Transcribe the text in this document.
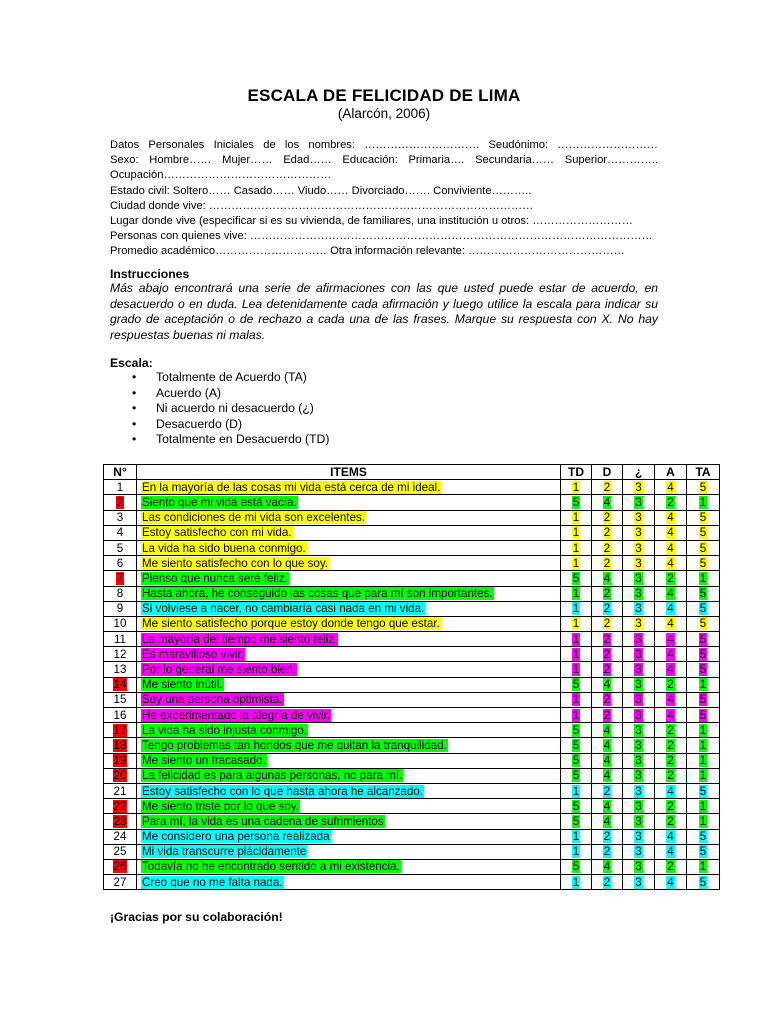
ESCALA DE FELICIDAD DE LIMA
(Alarcón, 2006)
Datos Personales Iniciales de los nombres: …………………………. Seudónimo: ………………………
Sexo: Hombre…… Mujer…… Edad…… Educación: Primaria…. Secundaria…… Superior…………..
Ocupación………………………………………
Estado civil: Soltero…… Casado…… Viudo…… Divorciado……. Conviviente………..
Ciudad donde vive: ……………………………………………………………………………
Lugar donde vive (especificar si es su vivienda, de familiares, una institución u otros: ………………………
Personas con quienes vive: ………………………………………………………………………………………………
Promedio académico………………………… Otra información relevante: ……………………………………
Instrucciones
Más abajo encontrará una serie de afirmaciones con las que usted puede estar de acuerdo, en desacuerdo o en duda. Lea detenidamente cada afirmación y luego utilice la escala para indicar su grado de aceptación o de rechazo a cada una de las frases. Marque su respuesta con X. No hay respuestas buenas ni malas.
Escala:
• Totalmente de Acuerdo (TA)
• Acuerdo (A)
• Ni acuerdo ni desacuerdo (¿)
• Desacuerdo (D)
• Totalmente en Desacuerdo (TD)
N°	ITEMS	TD	D	¿	A	TA
1	En la mayoría de las cosas mi vida está cerca de mi ideal.	1	2	3	4	5
2	Siento que mi vida está vacía.	5	4	3	2	1
3	Las condiciones de mi vida son excelentes.	1	2	3	4	5
4	Estoy satisfecho con mi vida.	1	2	3	4	5
5	La vida ha sido buena conmigo.	1	2	3	4	5
6	Me siento satisfecho con lo que soy.	1	2	3	4	5
7	Pienso que nunca seré feliz.	5	4	3	2	1
8	Hasta ahora, he conseguido las cosas que para mí son importantes.	1	2	3	4	5
9	Si volviese a nacer, no cambiaría casi nada en mi vida.	1	2	3	4	5
10	Me siento satisfecho porque estoy donde tengo que estar.	1	2	3	4	5
11	La mayoría del tiempo me siento feliz.	1	2	3	4	5
12	Es maravilloso vivir.	1	2	3	4	5
13	Por lo general me siento bien.	1	2	3	4	5
14	Me siento inútil.	5	4	3	2	1
15	Soy una persona optimista.	1	2	3	4	5
16	He experimentado la alegría de vivir.	1	2	3	4	5
17	La vida ha sido injusta conmigo.	5	4	3	2	1
18	Tengo problemas tan hondos que me quitan la tranquilidad.	5	4	3	2	1
19	Me siento un fracasado.	5	4	3	2	1
20	La felicidad es para algunas personas, no para mí.	5	4	3	2	1
21	Estoy satisfecho con lo que hasta ahora he alcanzado.	1	2	3	4	5
22	Me siento triste por lo que soy.	5	4	3	2	1
23	Para mí, la vida es una cadena de sufrimientos	5	4	3	2	1
24	Me considero una persona realizada	1	2	3	4	5
25	Mi vida transcurre plácidamente	1	2	3	4	5
26	Todavía no he encontrado sentido a mi existencia.	5	4	3	2	1
27	Creo que no me falta nada.	1	2	3	4	5
¡Gracias por su colaboración!
